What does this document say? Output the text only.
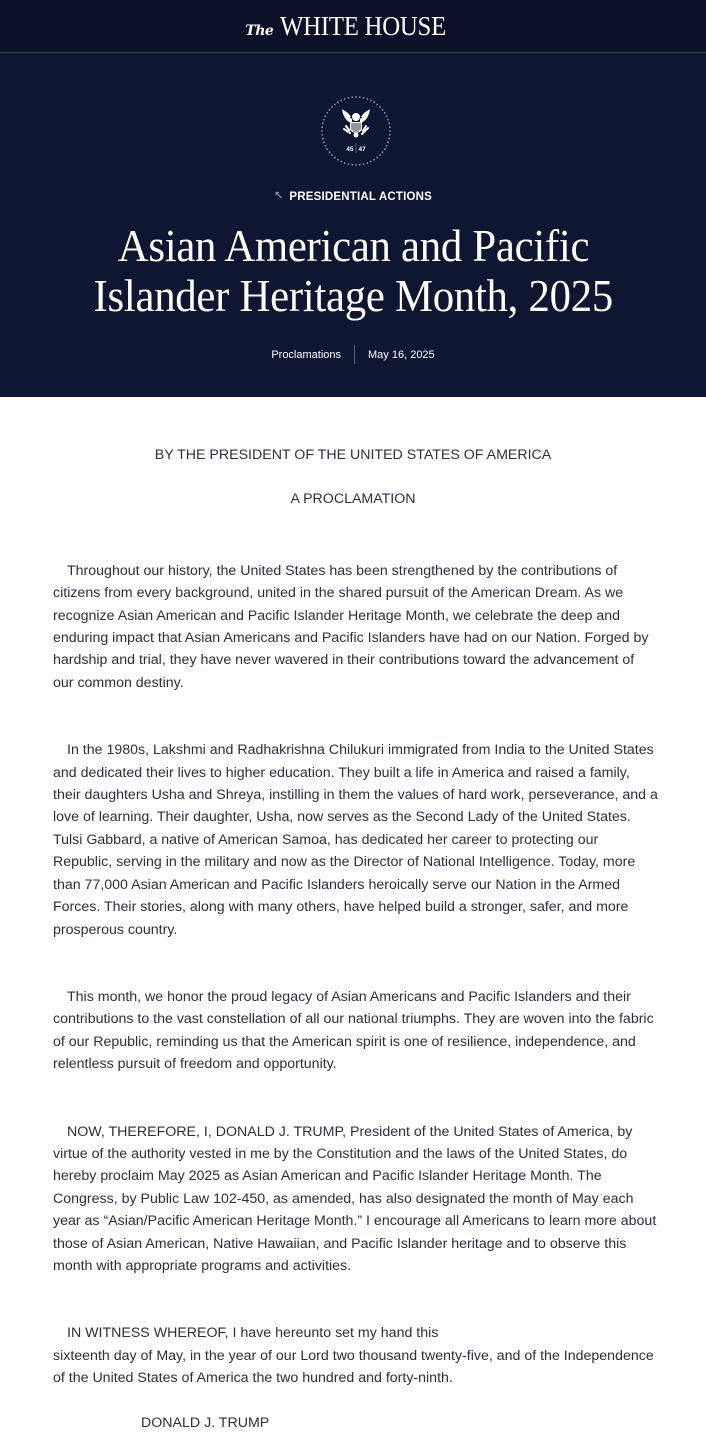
The WHITE HOUSE
45 47
↖ PRESIDENTIAL ACTIONS
Asian American and Pacific
Islander Heritage Month, 2025
Proclamations May 16, 2025

BY THE PRESIDENT OF THE UNITED STATES OF AMERICA

A PROCLAMATION

Throughout our history, the United States has been strengthened by the contributions of citizens from every background, united in the shared pursuit of the American Dream. As we recognize Asian American and Pacific Islander Heritage Month, we celebrate the deep and enduring impact that Asian Americans and Pacific Islanders have had on our Nation. Forged by hardship and trial, they have never wavered in their contributions toward the advancement of our common destiny.

In the 1980s, Lakshmi and Radhakrishna Chilukuri immigrated from India to the United States and dedicated their lives to higher education. They built a life in America and raised a family, their daughters Usha and Shreya, instilling in them the values of hard work, perseverance, and a love of learning. Their daughter, Usha, now serves as the Second Lady of the United States. Tulsi Gabbard, a native of American Samoa, has dedicated her career to protecting our Republic, serving in the military and now as the Director of National Intelligence. Today, more than 77,000 Asian American and Pacific Islanders heroically serve our Nation in the Armed Forces. Their stories, along with many others, have helped build a stronger, safer, and more prosperous country.

This month, we honor the proud legacy of Asian Americans and Pacific Islanders and their contributions to the vast constellation of all our national triumphs. They are woven into the fabric of our Republic, reminding us that the American spirit is one of resilience, independence, and relentless pursuit of freedom and opportunity.

NOW, THEREFORE, I, DONALD J. TRUMP, President of the United States of America, by virtue of the authority vested in me by the Constitution and the laws of the United States, do hereby proclaim May 2025 as Asian American and Pacific Islander Heritage Month. The Congress, by Public Law 102-450, as amended, has also designated the month of May each year as “Asian/Pacific American Heritage Month.” I encourage all Americans to learn more about those of Asian American, Native Hawaiian, and Pacific Islander heritage and to observe this month with appropriate programs and activities.

IN WITNESS WHEREOF, I have hereunto set my hand this

sixteenth day of May, in the year of our Lord two thousand twenty-five, and of the Independence of the United States of America the two hundred and forty-ninth.

DONALD J. TRUMP
